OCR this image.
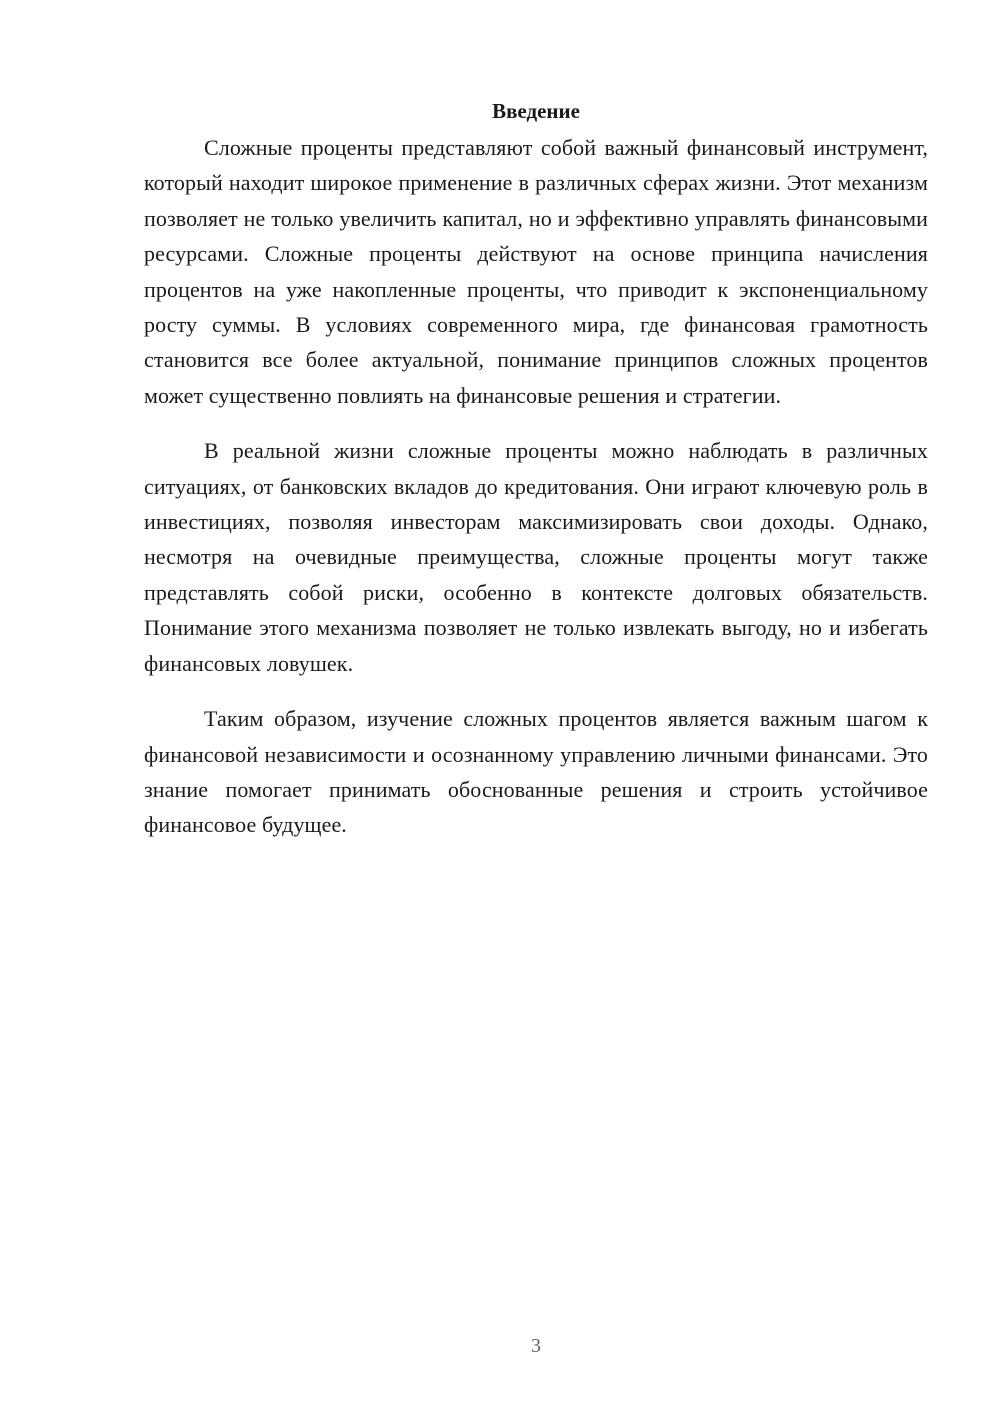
Введение

Сложные проценты представляют собой важный финансовый инструмент, который находит широкое применение в различных сферах жизни. Этот механизм позволяет не только увеличить капитал, но и эффективно управлять финансовыми ресурсами. Сложные проценты действуют на основе принципа начисления процентов на уже накопленные проценты, что приводит к экспоненциальному росту суммы. В условиях современного мира, где финансовая грамотность становится все более актуальной, понимание принципов сложных процентов может существенно повлиять на финансовые решения и стратегии.

В реальной жизни сложные проценты можно наблюдать в различных ситуациях, от банковских вкладов до кредитования. Они играют ключевую роль в инвестициях, позволяя инвесторам максимизировать свои доходы. Однако, несмотря на очевидные преимущества, сложные проценты могут также представлять собой риски, особенно в контексте долговых обязательств. Понимание этого механизма позволяет не только извлекать выгоду, но и избегать финансовых ловушек.

Таким образом, изучение сложных процентов является важным шагом к финансовой независимости и осознанному управлению личными финансами. Это знание помогает принимать обоснованные решения и строить устойчивое финансовое будущее.

3
